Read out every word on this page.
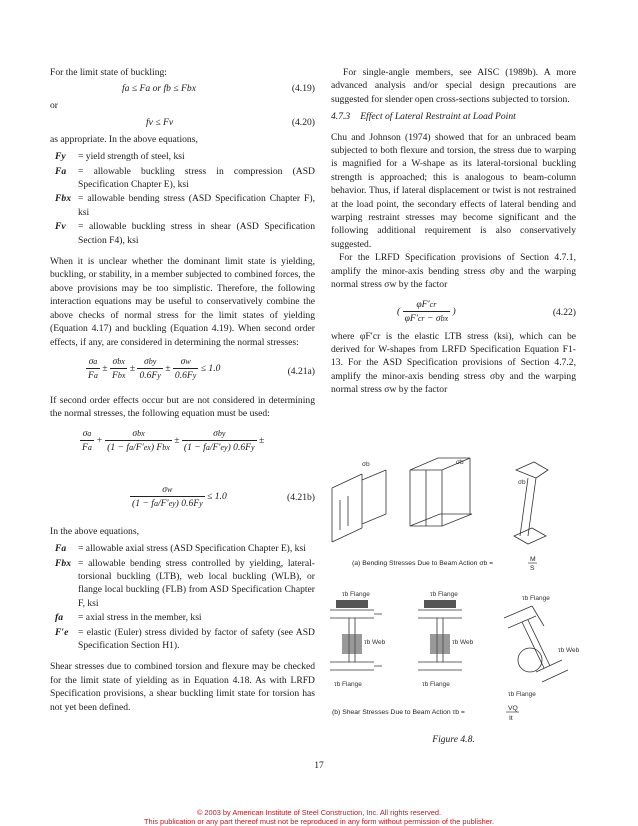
For the limit state of buckling:

fa ≤ Fa or fb ≤ Fbx	(4.19)

or

fv ≤ Fv	(4.20)

as appropriate. In the above equations,

Fy = yield strength of steel, ksi
Fa = allowable buckling stress in compression (ASD Specification Chapter E), ksi
Fbx = allowable bending stress (ASD Specification Chapter F), ksi
Fv = allowable buckling stress in shear (ASD Specification Section F4), ksi

When it is unclear whether the dominant limit state is yielding, buckling, or stability, in a member subjected to combined forces, the above provisions may be too simplistic. Therefore, the following interaction equations may be useful to conservatively combine the above checks of normal stress for the limit states of yielding (Equation 4.17) and buckling (Equation 4.19). When second order effects, if any, are considered in determining the normal stresses:

$\frac{\sigma a}{Fa} \pm \frac{\text{σbx}}{\text{Fbx}} \pm \frac{\text{σby}}{0.6Fy} \pm \frac{\sigma w}{0.6Fy} \le 1.0$	(4.21a)

If second order effects occur but are not considered in determining the normal stresses, the following equation must be used:

$\frac{\sigma a}{Fa} + \frac{\text{σbx}}{\text{(1 − fa/F′ex) Fbx}} \pm \frac{\text{σby}}{(1 - fa/F'ey) 0.6Fy}$ ±
$\frac{\sigma w}{(1 - fa/F'ey) 0.6Fy} \le 1.0$	(4.21b)

In the above equations,

Fa = allowable axial stress (ASD Specification Chapter E), ksi
Fbx = allowable bending stress controlled by yielding, lateral-torsional buckling (LTB), web local buckling (WLB), or flange local buckling (FLB) from ASD Specification Chapter F, ksi
fa = axial stress in the member, ksi
F′e = elastic (Euler) stress divided by factor of safety (see ASD Specification Section H1).

Shear stresses due to combined torsion and flexure may be checked for the limit state of yielding as in Equation 4.18. As with LRFD Specification provisions, a shear buckling limit state for torsion has not yet been defined.

For single-angle members, see AISC (1989b). A more advanced analysis and/or special design precautions are suggested for slender open cross-sections subjected to torsion.

4.7.3 Effect of Lateral Restraint at Load Point

Chu and Johnson (1974) showed that for an unbraced beam subjected to both flexure and torsion, the stress due to warping is magnified for a W-shape as its lateral-torsional buckling strength is approached; this is analogous to beam-column behavior. Thus, if lateral displacement or twist is not restrained at the load point, the secondary effects of lateral bending and warping restraint stresses may become significant and the following additional requirement is also conservatively suggested.

For the LRFD Specification provisions of Section 4.7.1, amplify the minor-axis bending stress σby and the warping normal stress σw by the factor

( $\frac{\varphi F'cr}{\text{φF′cr − σbx}}$ )	(4.22)

where φF′cr is the elastic LTB stress (ksi), which can be derived for W-shapes from LRFD Specification Equation F1-13. For the ASD Specification provisions of Section 4.7.2, amplify the minor-axis bending stress σby and the warping normal stress σw by the factor

σb	σb
σb
τb Flange
τb Web
τb Flange
τb Web
τb Flange
τb Web
τb Flange	τb Flange
τb Flange
(a) Bending Stresses Due to Beam Action σb =
M
S
(b) Shear Stresses Due to Beam Action τb =
VQ
It
Figure 4.8.
17
© 2003 by American Institute of Steel Construction, Inc. All rights reserved.
This publication or any part thereof must not be reproduced in any form without permission of the publisher.
